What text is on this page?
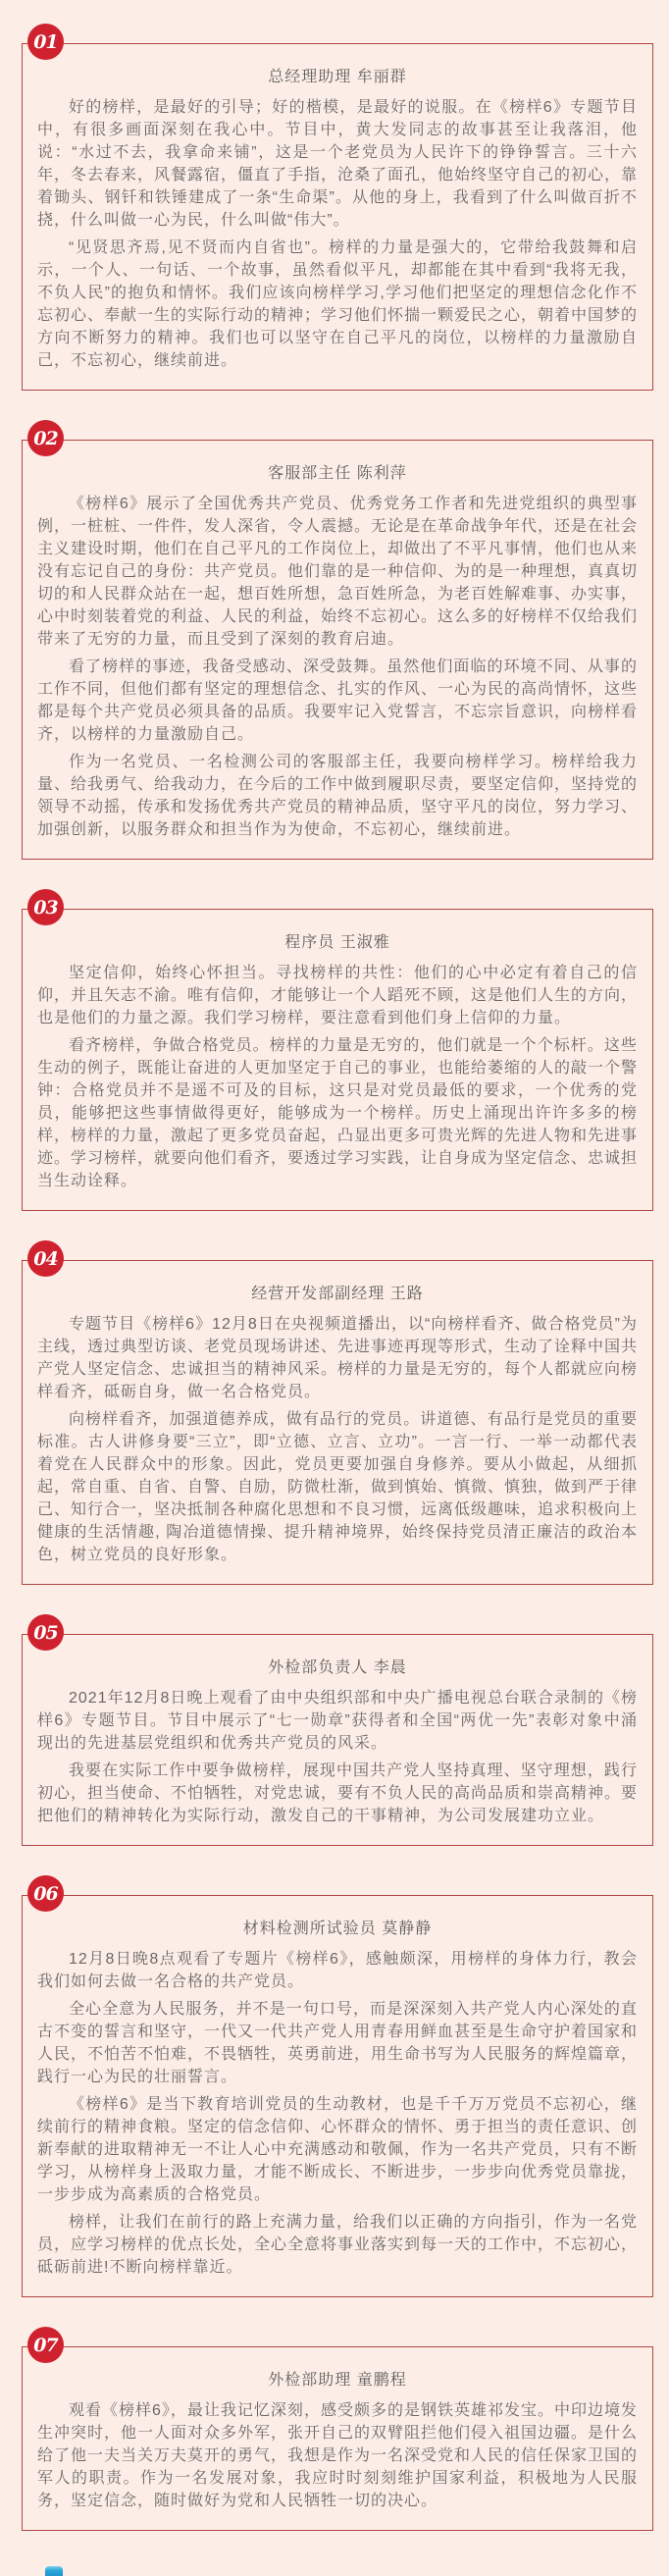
01
总经理助理 牟丽群

好的榜样，是最好的引导；好的楷模，是最好的说服。在《榜样6》专题节目中，有很多画面深刻在我心中。节目中，黄大发同志的故事甚至让我落泪，他说：“水过不去，我拿命来铺”，这是一个老党员为人民许下的铮铮誓言。三十六年，冬去春来，风餐露宿，僵直了手指，沧桑了面孔，他始终坚守自己的初心，靠着锄头、钢钎和铁锤建成了一条“生命渠”。从他的身上，我看到了什么叫做百折不挠，什么叫做一心为民，什么叫做“伟大”。

“见贤思齐焉,见不贤而内自省也”。榜样的力量是强大的，它带给我鼓舞和启示，一个人、一句话、一个故事，虽然看似平凡，却都能在其中看到“我将无我，不负人民”的抱负和情怀。我们应该向榜样学习,学习他们把坚定的理想信念化作不忘初心、奉献一生的实际行动的精神；学习他们怀揣一颗爱民之心，朝着中国梦的方向不断努力的精神。我们也可以坚守在自己平凡的岗位，以榜样的力量激励自己，不忘初心，继续前进。

02
客服部主任 陈利萍

《榜样6》展示了全国优秀共产党员、优秀党务工作者和先进党组织的典型事例，一桩桩、一件件，发人深省，令人震撼。无论是在革命战争年代，还是在社会主义建设时期，他们在自己平凡的工作岗位上，却做出了不平凡事情，他们也从来没有忘记自己的身份：共产党员。他们靠的是一种信仰、为的是一种理想，真真切切的和人民群众站在一起，想百姓所想，急百姓所急，为老百姓解难事、办实事，心中时刻装着党的利益、人民的利益，始终不忘初心。这么多的好榜样不仅给我们带来了无穷的力量，而且受到了深刻的教育启迪。

看了榜样的事迹，我备受感动、深受鼓舞。虽然他们面临的环境不同、从事的工作不同，但他们都有坚定的理想信念、扎实的作风、一心为民的高尚情怀，这些都是每个共产党员必须具备的品质。我要牢记入党誓言，不忘宗旨意识，向榜样看齐，以榜样的力量激励自己。

作为一名党员、一名检测公司的客服部主任，我要向榜样学习。榜样给我力量、给我勇气、给我动力，在今后的工作中做到履职尽责，要坚定信仰，坚持党的领导不动摇，传承和发扬优秀共产党员的精神品质，坚守平凡的岗位，努力学习、加强创新，以服务群众和担当作为为使命，不忘初心，继续前进。

03
程序员 王淑雅

坚定信仰，始终心怀担当。寻找榜样的共性：他们的心中必定有着自己的信仰，并且矢志不渝。唯有信仰，才能够让一个人蹈死不顾，这是他们人生的方向，也是他们的力量之源。我们学习榜样，要注意看到他们身上信仰的力量。

看齐榜样，争做合格党员。榜样的力量是无穷的，他们就是一个个标杆。这些生动的例子，既能让奋进的人更加坚定于自己的事业，也能给萎缩的人的敲一个警钟：合格党员并不是遥不可及的目标，这只是对党员最低的要求，一个优秀的党员，能够把这些事情做得更好，能够成为一个榜样。历史上涌现出许许多多的榜样，榜样的力量，激起了更多党员奋起，凸显出更多可贵光辉的先进人物和先进事迹。学习榜样，就要向他们看齐，要透过学习实践，让自身成为坚定信念、忠诚担当生动诠释。

04
经营开发部副经理 王路

专题节目《榜样6》12月8日在央视频道播出，以“向榜样看齐、做合格党员”为主线，透过典型访谈、老党员现场讲述、先进事迹再现等形式，生动了诠释中国共产党人坚定信念、忠诚担当的精神风采。榜样的力量是无穷的，每个人都就应向榜样看齐，砥砺自身，做一名合格党员。

向榜样看齐，加强道德养成，做有品行的党员。讲道德、有品行是党员的重要标准。古人讲修身要“三立”，即“立德、立言、立功”。一言一行、一举一动都代表着党在人民群众中的形象。因此，党员更要加强自身修养。要从小做起，从细抓起，常自重、自省、自警、自励，防微杜渐，做到慎始、慎微、慎独，做到严于律己、知行合一，坚决抵制各种腐化思想和不良习惯，远离低级趣味，追求积极向上健康的生活情趣, 陶冶道德情操、提升精神境界，始终保持党员清正廉洁的政治本色，树立党员的良好形象。

05
外检部负责人 李晨

2021年12月8日晚上观看了由中央组织部和中央广播电视总台联合录制的《榜样6》专题节目。节目中展示了“七一勋章”获得者和全国“两优一先”表彰对象中涌现出的先进基层党组织和优秀共产党员的风采。

我要在实际工作中要争做榜样，展现中国共产党人坚持真理、坚守理想，践行初心，担当使命、不怕牺牲，对党忠诚，要有不负人民的高尚品质和崇高精神。要把他们的精神转化为实际行动，激发自己的干事精神，为公司发展建功立业。

06
材料检测所试验员 莫静静

12月8日晚8点观看了专题片《榜样6》，感触颇深，用榜样的身体力行，教会我们如何去做一名合格的共产党员。

全心全意为人民服务，并不是一句口号，而是深深刻入共产党人内心深处的直古不变的誓言和坚守，一代又一代共产党人用青春用鲜血甚至是生命守护着国家和人民，不怕苦不怕难，不畏牺牲，英勇前进，用生命书写为人民服务的辉煌篇章，践行一心为民的壮丽誓言。

《榜样6》是当下教育培训党员的生动教材，也是千千万万党员不忘初心，继续前行的精神食粮。坚定的信念信仰、心怀群众的情怀、勇于担当的责任意识、创新奉献的进取精神无一不让人心中充满感动和敬佩，作为一名共产党员，只有不断学习，从榜样身上汲取力量，才能不断成长、不断进步，一步步向优秀党员靠拢，一步步成为高素质的合格党员。

榜样，让我们在前行的路上充满力量，给我们以正确的方向指引，作为一名党员，应学习榜样的优点长处，全心全意将事业落实到每一天的工作中，不忘初心，砥砺前进!不断向榜样靠近。

07
外检部助理 童鹏程

观看《榜样6》，最让我记忆深刻，感受颇多的是钢铁英雄祁发宝。中印边境发生冲突时，他一人面对众多外军，张开自己的双臂阻拦他们侵入祖国边疆。是什么给了他一夫当关万夫莫开的勇气，我想是作为一名深受党和人民的信任保家卫国的军人的职责。作为一名发展对象，我应时时刻刻维护国家利益，积极地为人民服务，坚定信念，随时做好为党和人民牺牲一切的决心。
